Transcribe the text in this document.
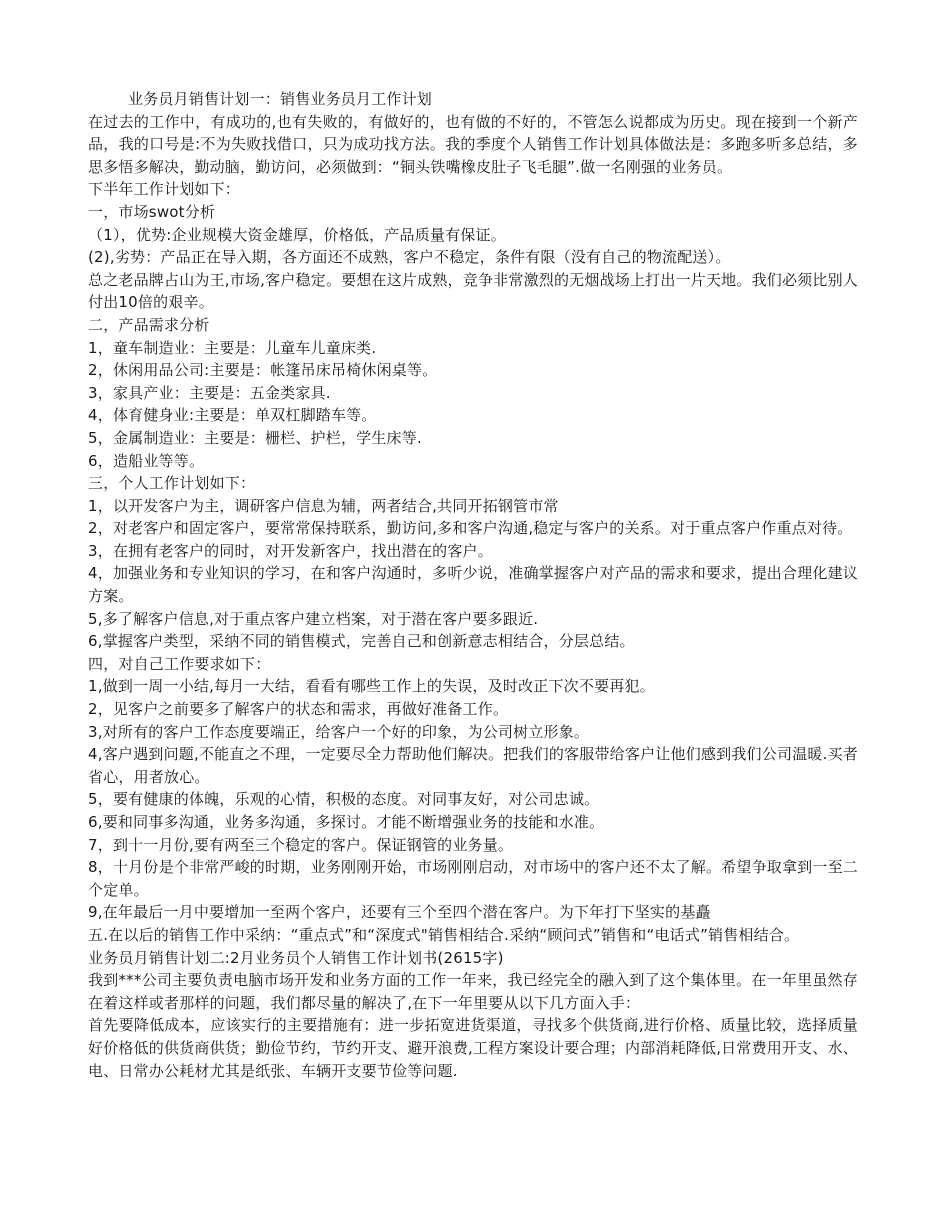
业务员月销售计划一：销售业务员月工作计划

在过去的工作中，有成功的,也有失败的，有做好的，也有做的不好的，不管怎么说都成为历史。现在接到一个新产品，我的口号是:不为失败找借口，只为成功找方法。我的季度个人销售工作计划具体做法是：多跑多听多总结，多思多悟多解决，勤动脑，勤访问，必须做到：“铜头铁嘴橡皮肚子飞毛腿”.做一名刚强的业务员。

下半年工作计划如下：

一，市场swot分析

（1），优势:企业规模大资金雄厚，价格低，产品质量有保证。

(2),劣势：产品正在导入期，各方面还不成熟，客户不稳定，条件有限（没有自己的物流配送）。

总之老品牌占山为王,市场,客户稳定。要想在这片成熟，竞争非常激烈的无烟战场上打出一片天地。我们必须比别人付出10倍的艰辛。

二，产品需求分析

1，童车制造业：主要是：儿童车儿童床类.

2，休闲用品公司:主要是：帐篷吊床吊椅休闲桌等。

3，家具产业：主要是：五金类家具.

4，体育健身业:主要是：单双杠脚踏车等。

5，金属制造业：主要是：栅栏、护栏，学生床等.

6，造船业等等。

三，个人工作计划如下：

1，以开发客户为主，调研客户信息为辅，两者结合,共同开拓钢管市常

2，对老客户和固定客户，要常常保持联系，勤访问,多和客户沟通,稳定与客户的关系。对于重点客户作重点对待。

3，在拥有老客户的同时，对开发新客户，找出潜在的客户。

4，加强业务和专业知识的学习，在和客户沟通时，多听少说，准确掌握客户对产品的需求和要求，提出合理化建议方案。

5,多了解客户信息,对于重点客户建立档案，对于潜在客户要多跟近.

6,掌握客户类型，采纳不同的销售模式，完善自己和创新意志相结合，分层总结。

四，对自己工作要求如下：

1,做到一周一小结,每月一大结，看看有哪些工作上的失误，及时改正下次不要再犯。

2，见客户之前要多了解客户的状态和需求，再做好准备工作。

3,对所有的客户工作态度要端正，给客户一个好的印象，为公司树立形象。

4,客户遇到问题,不能直之不理，一定要尽全力帮助他们解决。把我们的客服带给客户让他们感到我们公司温暖.买者省心，用者放心。

5，要有健康的体魄，乐观的心情，积极的态度。对同事友好，对公司忠诚。

6,要和同事多沟通，业务多沟通，多探讨。才能不断增强业务的技能和水准。

7，到十一月份,要有两至三个稳定的客户。保证钢管的业务量。

8，十月份是个非常严峻的时期，业务刚刚开始，市场刚刚启动，对市场中的客户还不太了解。希望争取拿到一至二个定单。

9,在年最后一月中要增加一至两个客户，还要有三个至四个潜在客户。为下年打下坚实的基矗

五.在以后的销售工作中采纳：“重点式”和“深度式"销售相结合.采纳“顾问式”销售和“电话式”销售相结合。

业务员月销售计划二:2月业务员个人销售工作计划书(2615字)

我到***公司主要负责电脑市场开发和业务方面的工作一年来，我已经完全的融入到了这个集体里。在一年里虽然存在着这样或者那样的问题，我们都尽量的解决了,在下一年里要从以下几方面入手：

首先要降低成本，应该实行的主要措施有：进一步拓宽进货渠道，寻找多个供货商,进行价格、质量比较，选择质量好价格低的供货商供货；勤俭节约，节约开支、避开浪费,工程方案设计要合理；内部消耗降低,日常费用开支、水、电、日常办公耗材尤其是纸张、车辆开支要节俭等问题.
